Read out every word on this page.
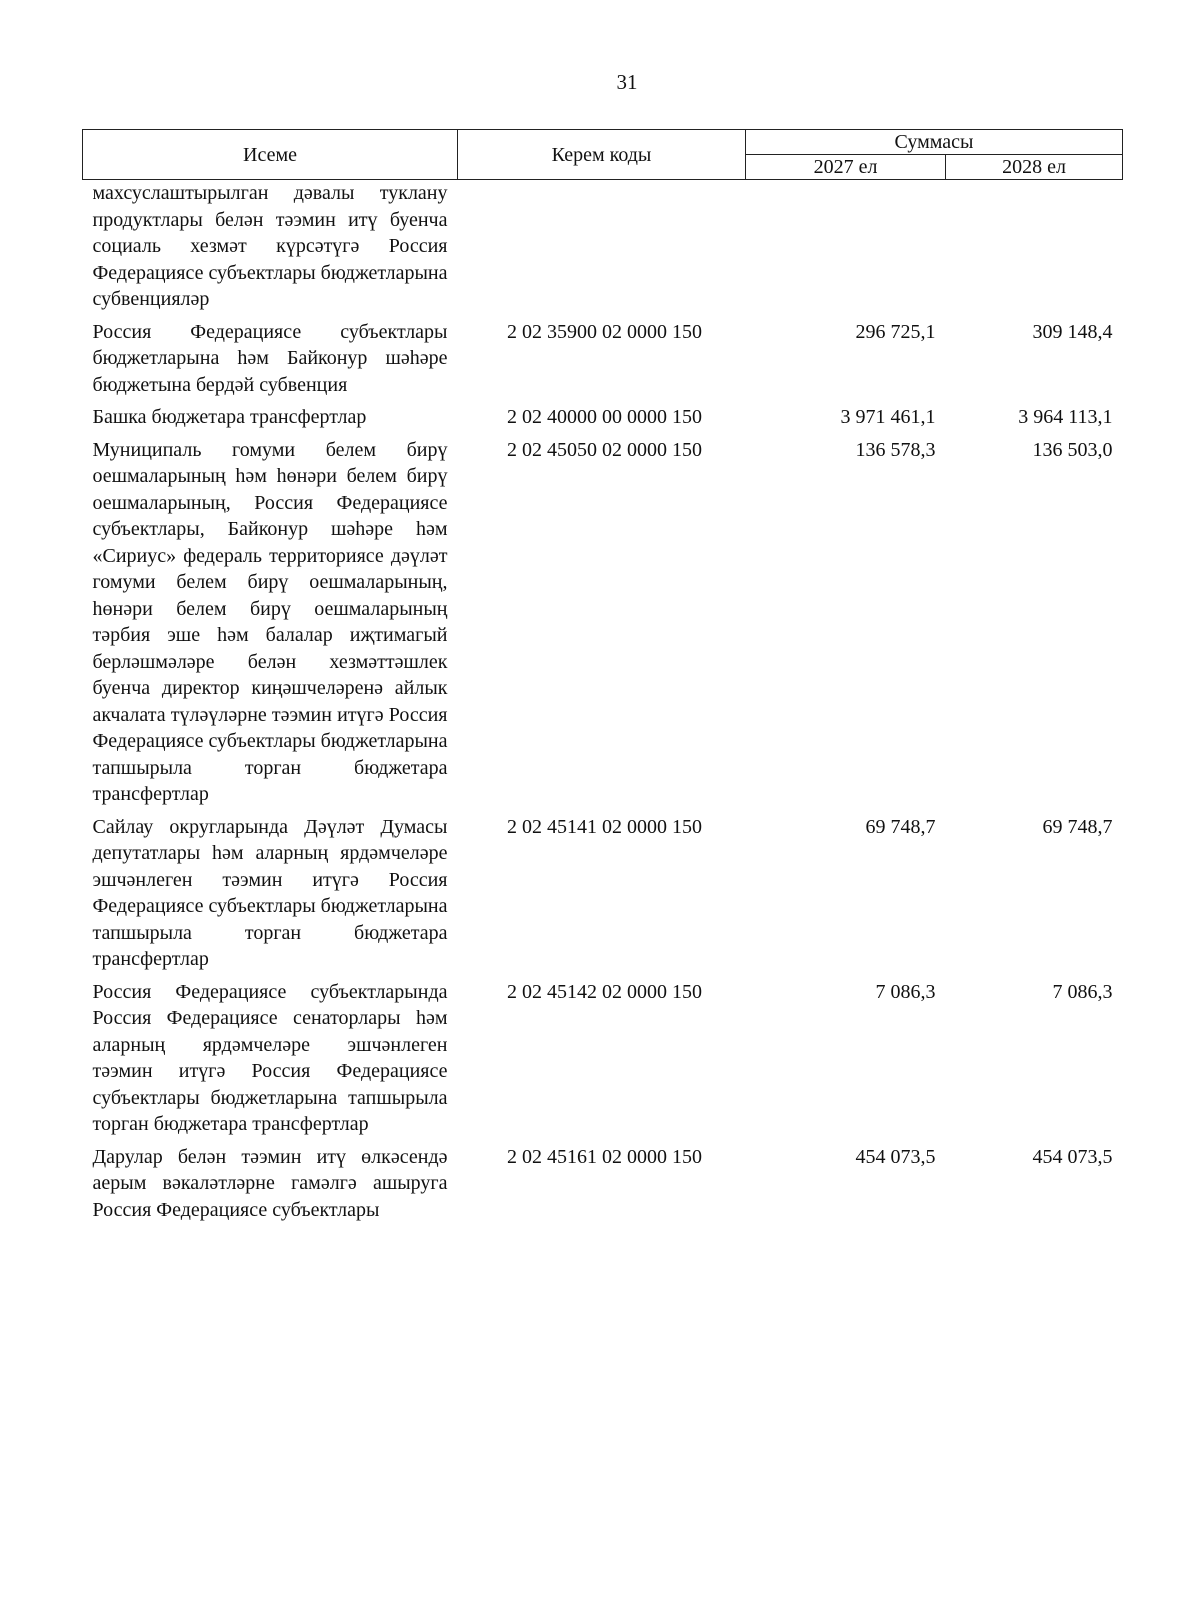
31
Исеме	Керем коды	Суммасы	
		2027 ел	2028 ел
махсуслаштырылган дәвалы туклану продуктлары белән тәэмин итү буенча социаль хезмәт күрсәтүгә Россия Федерациясе субъектлары бюджетларына субвенцияләр			
Россия Федерациясе субъектлары бюджетларына һәм Байконур шәһәре бюджетына бердәй субвенция	2 02 35900 02 0000 150	296 725,1	309 148,4
Башка бюджетара трансфертлар	2 02 40000 00 0000 150	3 971 461,1	3 964 113,1
Муниципаль гомуми белем бирү оешмаларының һәм һөнәри белем бирү оешмаларының, Россия Федерациясе субъектлары, Байконур шәһәре һәм «Сириус» федераль территориясе дәүләт гомуми белем бирү оешмаларының, һөнәри белем бирү оешмаларының тәрбия эше һәм балалар иҗтимагый берләшмәләре белән хезмәттәшлек буенча директор киңәшчеләренә айлык акчалата түләүләрне тәэмин итүгә Россия Федерациясе субъектлары бюджетларына тапшырыла торган бюджетара трансфертлар	2 02 45050 02 0000 150	136 578,3	136 503,0
Сайлау округларында Дәүләт Думасы депутатлары һәм аларның ярдәмчеләре эшчәнлеген тәэмин итүгә Россия Федерациясе субъектлары бюджетларына тапшырыла торган бюджетара трансфертлар	2 02 45141 02 0000 150	69 748,7	69 748,7
Россия Федерациясе субъектларында Россия Федерациясе сенаторлары һәм аларның ярдәмчеләре эшчәнлеген тәэмин итүгә Россия Федерациясе субъектлары бюджетларына тапшырыла торган бюджетара трансфертлар	2 02 45142 02 0000 150	7 086,3	7 086,3
Дарулар белән тәэмин итү өлкәсендә аерым вәкаләтләрне гамәлгә ашыруга Россия Федерациясе субъектлары	2 02 45161 02 0000 150	454 073,5	454 073,5
